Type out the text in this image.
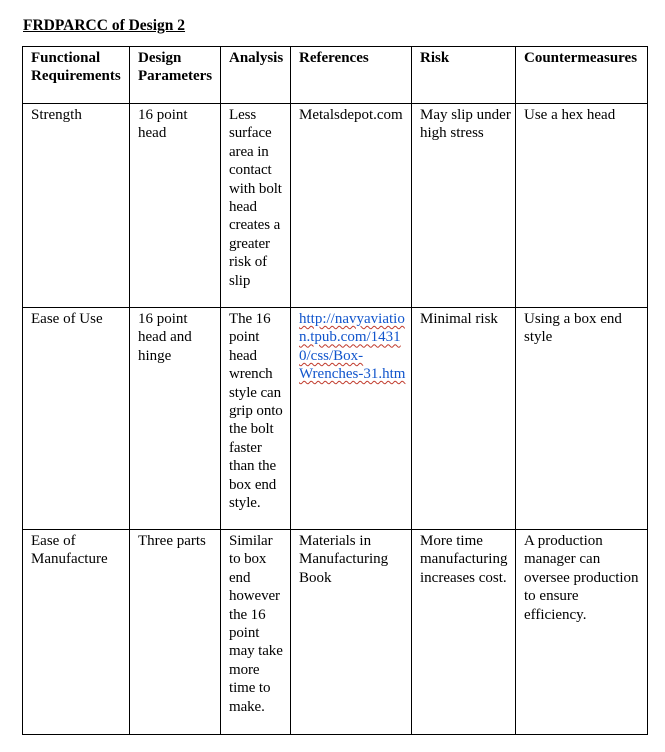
FRDPARCC of Design 2
Functional Requirements	Design Parameters	Analysis	References	Risk	Countermeasures
Strength	16 point head	Less surface area in contact with bolt head creates a greater risk of slip	Metalsdepot.com	May slip under high stress	Use a hex head
Ease of Use	16 point head and hinge	The 16 point head wrench style can grip onto the bolt faster than the box end style.	http://navyaviation.tpub.com/14310/css/Box-Wrenches-31.htm	Minimal risk	Using a box end style
Ease of Manufacture	Three parts	Similar to box end however the 16 point may take more time to make.	Materials in Manufacturing Book	More time manufacturing increases cost.	A production manager can oversee production to ensure efficiency.
